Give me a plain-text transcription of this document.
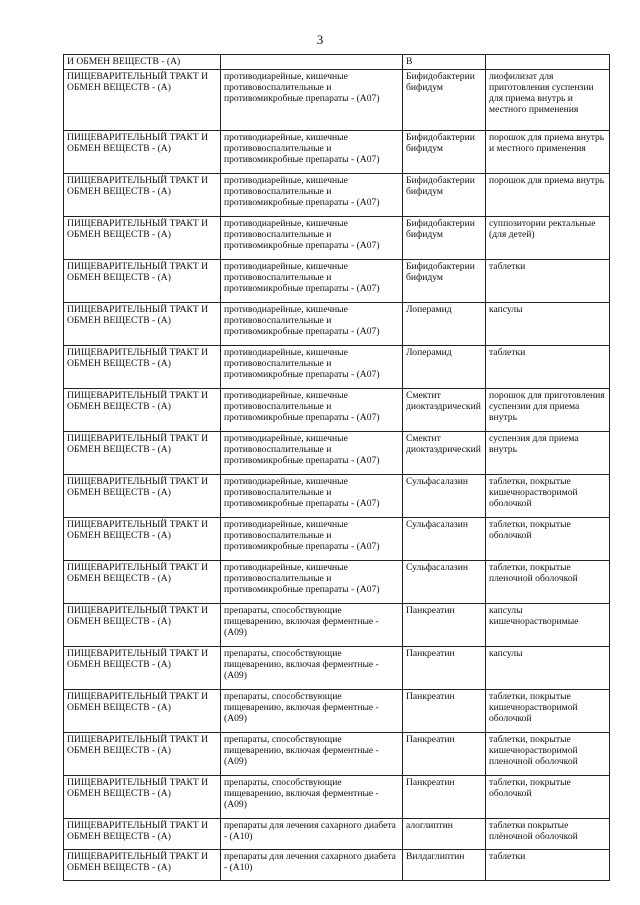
3
И ОБМЕН ВЕЩЕСТВ - (А)		В	
ПИЩЕВАРИТЕЛЬНЫЙ ТРАКТ И ОБМЕН ВЕЩЕСТВ - (А)	противодиарейные, кишечные противовоспалительные и противомикробные препараты - (А07)	Бифидобактерии бифидум	лиофилизат для приготовления суспензии для приема внутрь и местного применения
ПИЩЕВАРИТЕЛЬНЫЙ ТРАКТ И ОБМЕН ВЕЩЕСТВ - (А)	противодиарейные, кишечные противовоспалительные и противомикробные препараты - (А07)	Бифидобактерии бифидум	порошок для приема внутрь и местного применения
ПИЩЕВАРИТЕЛЬНЫЙ ТРАКТ И ОБМЕН ВЕЩЕСТВ - (А)	противодиарейные, кишечные противовоспалительные и противомикробные препараты - (А07)	Бифидобактерии бифидум	порошок для приема внутрь
ПИЩЕВАРИТЕЛЬНЫЙ ТРАКТ И ОБМЕН ВЕЩЕСТВ - (А)	противодиарейные, кишечные противовоспалительные и противомикробные препараты - (А07)	Бифидобактерии бифидум	суппозитории ректальные (для детей)
ПИЩЕВАРИТЕЛЬНЫЙ ТРАКТ И ОБМЕН ВЕЩЕСТВ - (А)	противодиарейные, кишечные противовоспалительные и противомикробные препараты - (А07)	Бифидобактерии бифидум	таблетки
ПИЩЕВАРИТЕЛЬНЫЙ ТРАКТ И ОБМЕН ВЕЩЕСТВ - (А)	противодиарейные, кишечные противовоспалительные и противомикробные препараты - (А07)	Лоперамид	капсулы
ПИЩЕВАРИТЕЛЬНЫЙ ТРАКТ И ОБМЕН ВЕЩЕСТВ - (А)	противодиарейные, кишечные противовоспалительные и противомикробные препараты - (А07)	Лоперамид	таблетки
ПИЩЕВАРИТЕЛЬНЫЙ ТРАКТ И ОБМЕН ВЕЩЕСТВ - (А)	противодиарейные, кишечные противовоспалительные и противомикробные препараты - (А07)	Смектит диоктаэдрический	порошок для приготовления суспензии для приема внутрь
ПИЩЕВАРИТЕЛЬНЫЙ ТРАКТ И ОБМЕН ВЕЩЕСТВ - (А)	противодиарейные, кишечные противовоспалительные и противомикробные препараты - (А07)	Смектит диоктаэдрический	суспензия для приема внутрь
ПИЩЕВАРИТЕЛЬНЫЙ ТРАКТ И ОБМЕН ВЕЩЕСТВ - (А)	противодиарейные, кишечные противовоспалительные и противомикробные препараты - (А07)	Сульфасалазин	таблетки, покрытые кишечнорастворимой оболочкой
ПИЩЕВАРИТЕЛЬНЫЙ ТРАКТ И ОБМЕН ВЕЩЕСТВ - (А)	противодиарейные, кишечные противовоспалительные и противомикробные препараты - (А07)	Сульфасалазин	таблетки, покрытые оболочкой
ПИЩЕВАРИТЕЛЬНЫЙ ТРАКТ И ОБМЕН ВЕЩЕСТВ - (А)	противодиарейные, кишечные противовоспалительные и противомикробные препараты - (А07)	Сульфасалазин	таблетки, покрытые пленочной оболочкой
ПИЩЕВАРИТЕЛЬНЫЙ ТРАКТ И ОБМЕН ВЕЩЕСТВ - (А)	препараты, способствующие пищеварению, включая ферментные - (А09)	Панкреатин	капсулы кишечнорастворимые
ПИЩЕВАРИТЕЛЬНЫЙ ТРАКТ И ОБМЕН ВЕЩЕСТВ - (А)	препараты, способствующие пищеварению, включая ферментные - (А09)	Панкреатин	капсулы
ПИЩЕВАРИТЕЛЬНЫЙ ТРАКТ И ОБМЕН ВЕЩЕСТВ - (А)	препараты, способствующие пищеварению, включая ферментные - (А09)	Панкреатин	таблетки, покрытые кишечнорастворимой оболочкой
ПИЩЕВАРИТЕЛЬНЫЙ ТРАКТ И ОБМЕН ВЕЩЕСТВ - (А)	препараты, способствующие пищеварению, включая ферментные - (А09)	Панкреатин	таблетки, покрытые кишечнорастворимой пленочной оболочкой
ПИЩЕВАРИТЕЛЬНЫЙ ТРАКТ И ОБМЕН ВЕЩЕСТВ - (А)	препараты, способствующие пищеварению, включая ферментные - (А09)	Панкреатин	таблетки, покрытые оболочкой
ПИЩЕВАРИТЕЛЬНЫЙ ТРАКТ И ОБМЕН ВЕЩЕСТВ - (А)	препараты для лечения сахарного диабета - (А10)	алоглиптин	таблетки покрытые плёночной оболочкой
ПИЩЕВАРИТЕЛЬНЫЙ ТРАКТ И ОБМЕН ВЕЩЕСТВ - (А)	препараты для лечения сахарного диабета - (А10)	Вилдаглиптин	таблетки
